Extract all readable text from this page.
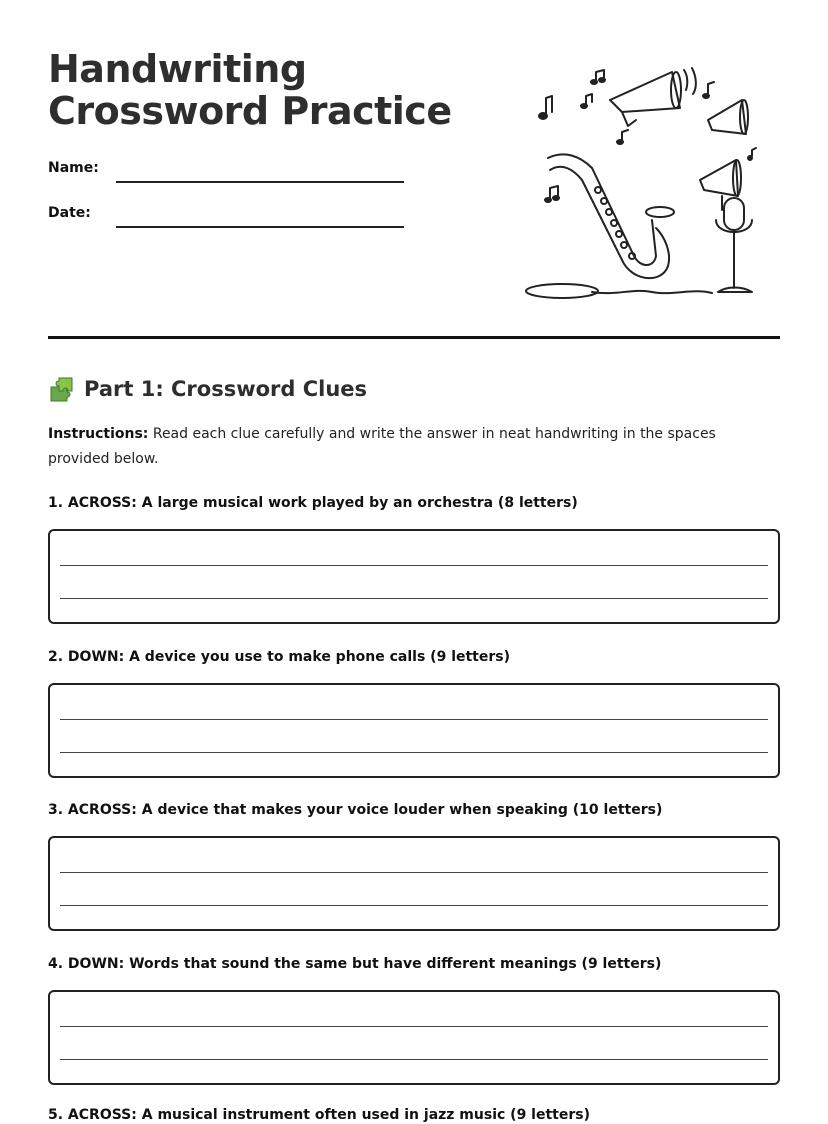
Handwriting Crossword Practice
Name:
Date:
Part 1: Crossword Clues

Instructions: Read each clue carefully and write the answer in neat handwriting in the spaces provided below.

1. ACROSS: A large musical work played by an orchestra (8 letters)

2. DOWN: A device you use to make phone calls (9 letters)

3. ACROSS: A device that makes your voice louder when speaking (10 letters)

4. DOWN: Words that sound the same but have different meanings (9 letters)

5. ACROSS: A musical instrument often used in jazz music (9 letters)
